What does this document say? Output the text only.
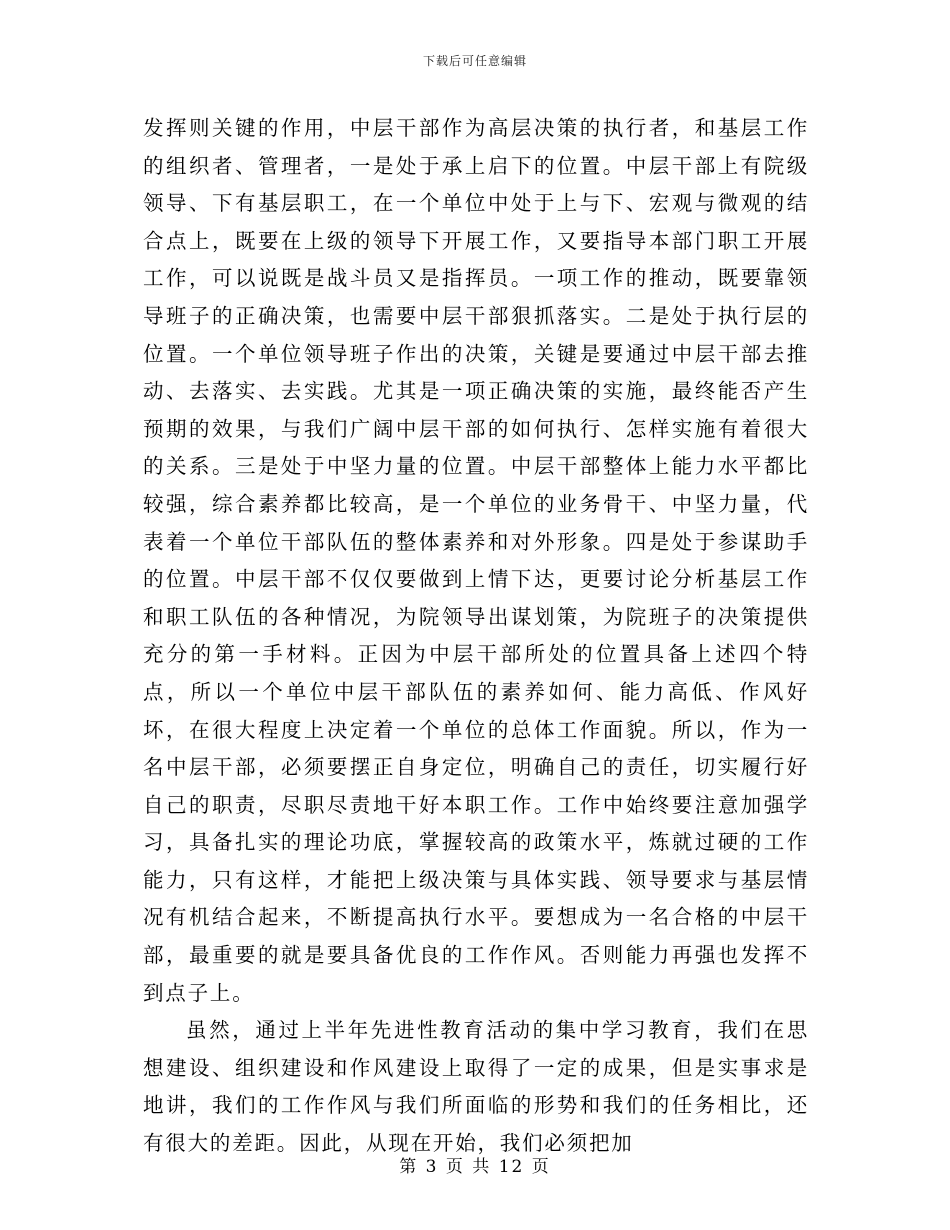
下载后可任意编辑

发挥则关键的作用，中层干部作为高层决策的执行者，和基层工作的组织者、管理者，一是处于承上启下的位置。中层干部上有院级领导、下有基层职工，在一个单位中处于上与下、宏观与微观的结合点上，既要在上级的领导下开展工作，又要指导本部门职工开展工作，可以说既是战斗员又是指挥员。一项工作的推动，既要靠领导班子的正确决策，也需要中层干部狠抓落实。二是处于执行层的位置。一个单位领导班子作出的决策，关键是要通过中层干部去推动、去落实、去实践。尤其是一项正确决策的实施，最终能否产生预期的效果，与我们广阔中层干部的如何执行、怎样实施有着很大的关系。三是处于中坚力量的位置。中层干部整体上能力水平都比较强，综合素养都比较高，是一个单位的业务骨干、中坚力量，代表着一个单位干部队伍的整体素养和对外形象。四是处于参谋助手的位置。中层干部不仅仅要做到上情下达，更要讨论分析基层工作和职工队伍的各种情况，为院领导出谋划策，为院班子的决策提供充分的第一手材料。正因为中层干部所处的位置具备上述四个特点，所以一个单位中层干部队伍的素养如何、能力高低、作风好坏，在很大程度上决定着一个单位的总体工作面貌。所以，作为一名中层干部，必须要摆正自身定位，明确自己的责任，切实履行好自己的职责，尽职尽责地干好本职工作。工作中始终要注意加强学习，具备扎实的理论功底，掌握较高的政策水平，炼就过硬的工作能力，只有这样，才能把上级决策与具体实践、领导要求与基层情况有机结合起来，不断提高执行水平。要想成为一名合格的中层干部，最重要的就是要具备优良的工作作风。否则能力再强也发挥不到点子上。

虽然，通过上半年先进性教育活动的集中学习教育，我们在思想建设、组织建设和作风建设上取得了一定的成果，但是实事求是地讲，我们的工作作风与我们所面临的形势和我们的任务相比，还有很大的差距。因此，从现在开始，我们必须把加

第 3 页 共 12 页
